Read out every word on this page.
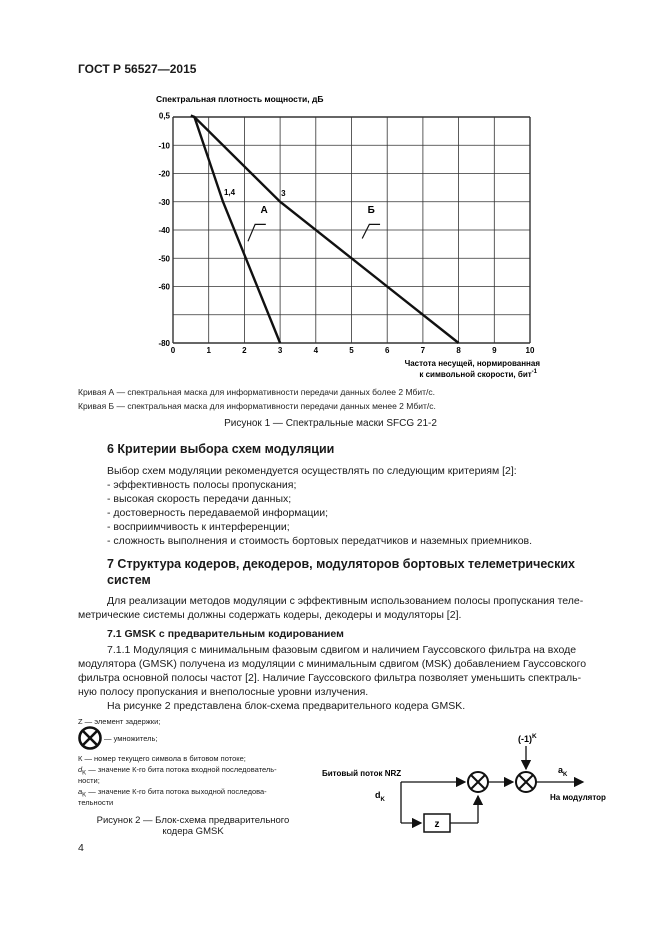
ГОСТ Р 56527—2015
Спектральная плотность мощности, дБ
0,5
-10
-20
-30
-40
-50
-60
-80
0	1	2	3	4	5	6	7	8	9	10
1,4	3
А	Б
Частота несущей, нормированная
к символьной скорости, бит$^{-1}$
Кривая А — спектральная маска для информативности передачи данных более 2 Мбит/с.
Кривая Б — спектральная маска для информативности передачи данных менее 2 Мбит/с.
Рисунок 1 — Спектральные маски SFCG 21-2
6 Критерии выбора схем модуляции
Выбор схем модуляции рекомендуется осуществлять по следующим критериям [2]:
- эффективность полосы пропускания;
- высокая скорость передачи данных;
- достоверность передаваемой информации;
- восприимчивость к интерференции;
- сложность выполнения и стоимость бортовых передатчиков и наземных приемников.
7 Структура кодеров, декодеров, модуляторов бортовых телеметрических
систем
Для реализации методов модуляции с эффективным использованием полосы пропускания теле-
метрические системы должны содержать кодеры, декодеры и модуляторы [2].
7.1 GMSK с предварительным кодированием
7.1.1 Модуляция с минимальным фазовым сдвигом и наличием Гауссовского фильтра на входе
модулятора (GMSK) получена из модуляции с минимальным сдвигом (MSK) добавлением Гауссовского
фильтра основной полосы частот [2]. Наличие Гауссовского фильтра позволяет уменьшить спектраль-
ную полосу пропускания и внеполосные уровни излучения.
На рисунке 2 представлена блок-схема предварительного кодера GMSK.
Z — элемент задержки;
— умножитель;
К — номер текущего символа в битовом потоке;
$d_K$ — значение К-го бита потока входной последователь-
ности;
$a_K$ — значение К-го бита потока выходной последова-
тельности
Рисунок 2 — Блок-схема предварительного
кодера GMSK
Битовый поток NRZ
$d_K$
z
$(-1)^K$
$a_K$
На модулятор
4
